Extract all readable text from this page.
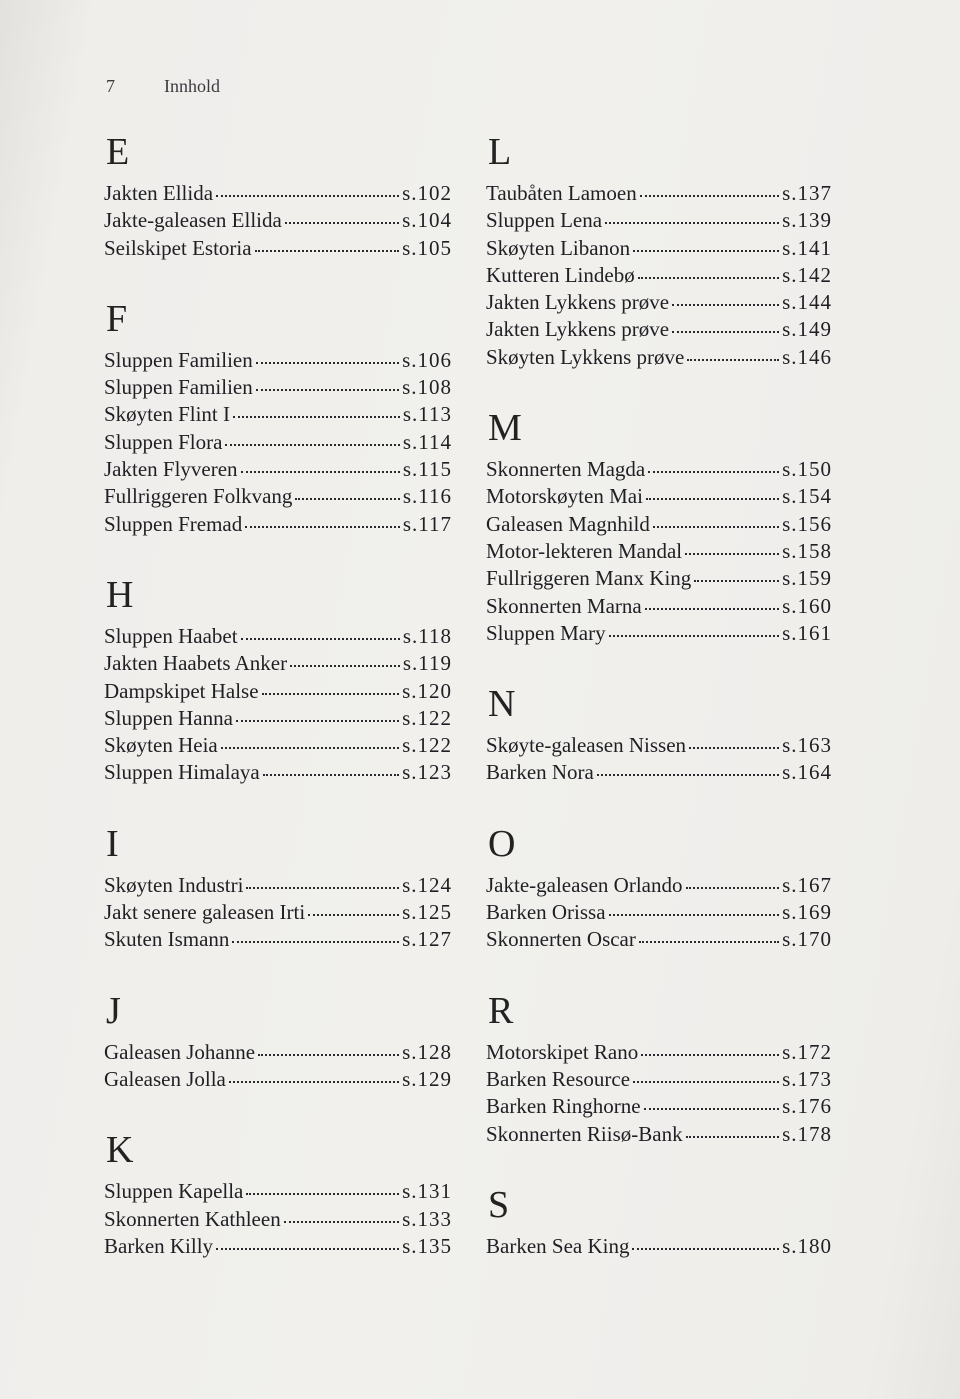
7	Innhold
E
Jakten Ellida	s.102
Jakte-galeasen Ellida	s.104
Seilskipet Estoria	s.105
F
Sluppen Familien	s.106
Sluppen Familien	s.108
Skøyten Flint I	s.113
Sluppen Flora	s.114
Jakten Flyveren	s.115
Fullriggeren Folkvang	s.116
Sluppen Fremad	s.117
H
Sluppen Haabet	s.118
Jakten Haabets Anker	s.119
Dampskipet Halse	s.120
Sluppen Hanna	s.122
Skøyten Heia	s.122
Sluppen Himalaya	s.123
I
Skøyten Industri	s.124
Jakt senere galeasen Irti	s.125
Skuten Ismann	s.127
J
Galeasen Johanne	s.128
Galeasen Jolla	s.129
K
Sluppen Kapella	s.131
Skonnerten Kathleen	s.133
Barken Killy	s.135
L
Taubåten Lamoen	s.137
Sluppen Lena	s.139
Skøyten Libanon	s.141
Kutteren Lindebø	s.142
Jakten Lykkens prøve	s.144
Jakten Lykkens prøve	s.149
Skøyten Lykkens prøve	s.146
M
Skonnerten Magda	s.150
Motorskøyten Mai	s.154
Galeasen Magnhild	s.156
Motor-lekteren Mandal	s.158
Fullriggeren Manx King	s.159
Skonnerten Marna	s.160
Sluppen Mary	s.161
N
Skøyte-galeasen Nissen	s.163
Barken Nora	s.164
O
Jakte-galeasen Orlando	s.167
Barken Orissa	s.169
Skonnerten Oscar	s.170
R
Motorskipet Rano	s.172
Barken Resource	s.173
Barken Ringhorne	s.176
Skonnerten Riisø-Bank	s.178
S
Barken Sea King	s.180
